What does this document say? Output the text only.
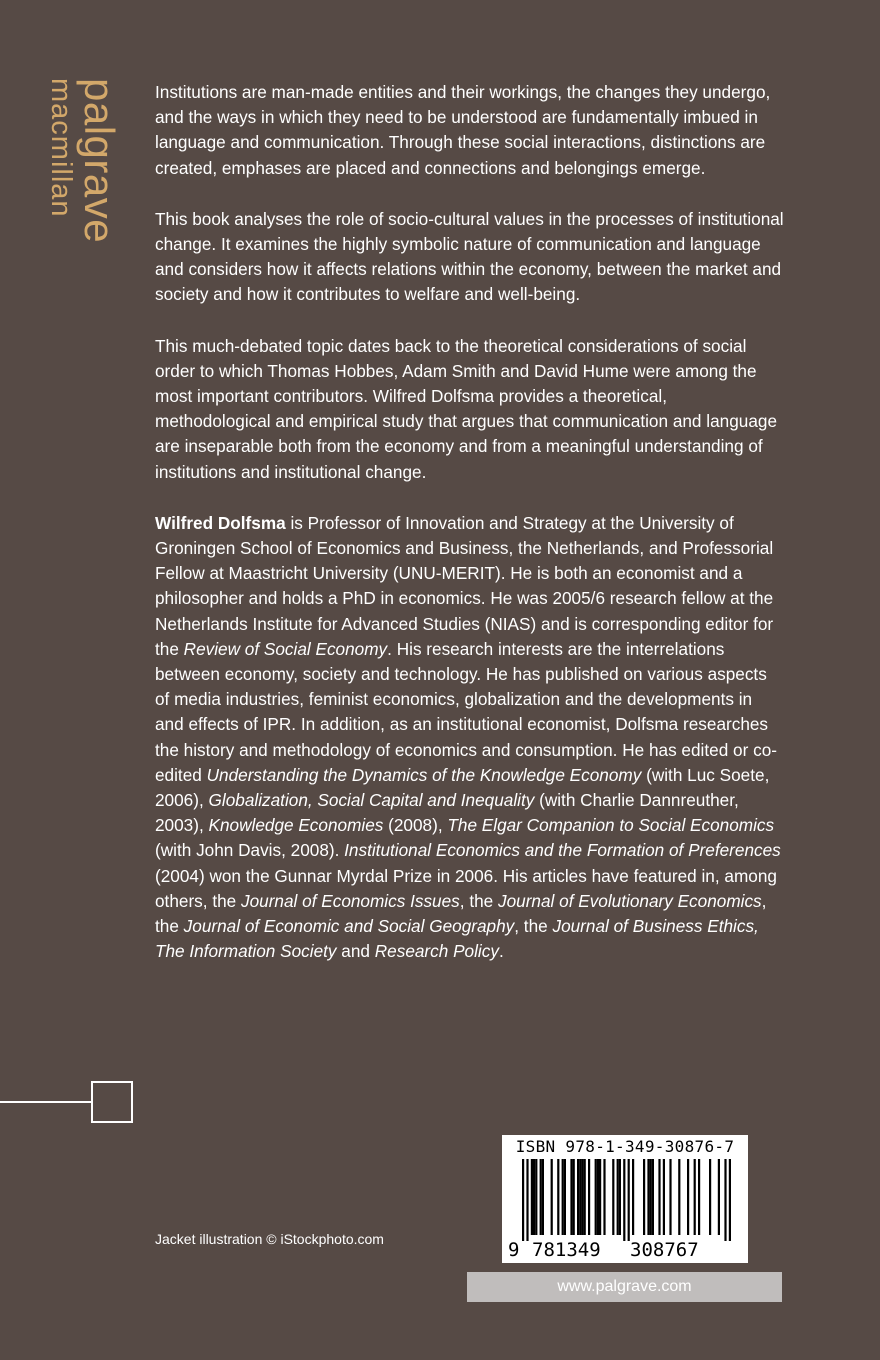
palgrave
macmillan	Institutions are man-made entities and their workings, the changes they undergo, and the ways in which they need to be understood are fundamentally imbued in language and communication. Through these social interactions, distinctions are created, emphases are placed and connections and belongings emerge.

This book analyses the role of socio-cultural values in the processes of institutional change. It examines the highly symbolic nature of communication and language and considers how it affects relations within the economy, between the market and society and how it contributes to welfare and well-being.

This much-debated topic dates back to the theoretical considerations of social order to which Thomas Hobbes, Adam Smith and David Hume were among the most important contributors. Wilfred Dolfsma provides a theoretical, methodological and empirical study that argues that communication and language are inseparable both from the economy and from a meaningful understanding of institutions and institutional change.

Wilfred Dolfsma is Professor of Innovation and Strategy at the University of Groningen School of Economics and Business, the Netherlands, and Professorial Fellow at Maastricht University (UNU-MERIT). He is both an economist and a philosopher and holds a PhD in economics. He was 2005/6 research fellow at the Netherlands Institute for Advanced Studies (NIAS) and is corresponding editor for the Review of Social Economy. His research interests are the interrelations between economy, society and technology. He has published on various aspects of media industries, feminist economics, globalization and the developments in and effects of IPR. In addition, as an institutional economist, Dolfsma researches the history and methodology of economics and consumption. He has edited or co-edited Understanding the Dynamics of the Knowledge Economy (with Luc Soete, 2006), Globalization, Social Capital and Inequality (with Charlie Dannreuther, 2003), Knowledge Economies (2008), The Elgar Companion to Social Economics (with John Davis, 2008). Institutional Economics and the Formation of Preferences (2004) won the Gunnar Myrdal Prize in 2006. His articles have featured in, among others, the Journal of Economics Issues, the Journal of Evolutionary Economics, the Journal of Economic and Social Geography, the Journal of Business Ethics, The Information Society and Research Policy.

Jacket illustration © iStockphoto.com
ISBN 978-1-349-30876-7
9 781349 308767
www.palgrave.com
